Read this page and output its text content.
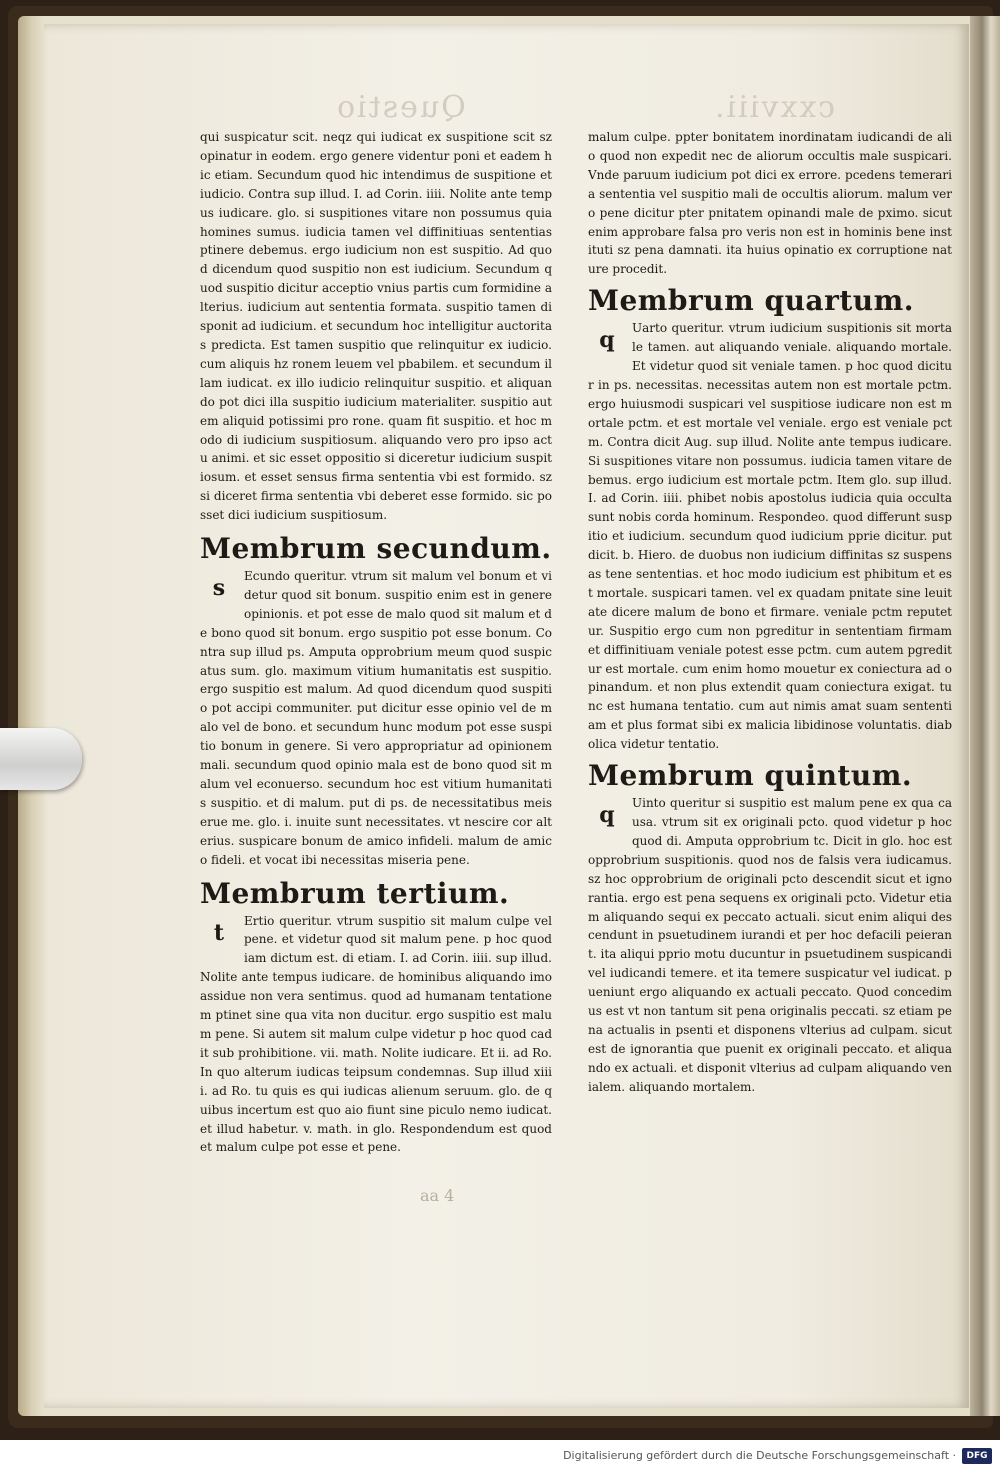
cxxviii.
Questio

qui suspicatur scit. neqz qui iudicat ex suspitione scit sz opinatur in eodem. ergo genere videntur poni et eadem hic etiam. Secundum quod hic intendimus de suspitione et iudicio. Contra sup illud. I. ad Corin. iiii. Nolite ante tempus iudicare. glo. si suspitiones vitare non possumus quia homines sumus. iudicia tamen vel diffinitiuas sententias ptinere debemus. ergo iudicium non est suspitio. Ad quod dicendum quod suspitio non est iudicium. Secundum quod suspitio dicitur acceptio vnius partis cum formidine alterius. iudicium aut sententia formata. suspitio tamen disponit ad iudicium. et secundum hoc intelligitur auctoritas predicta. Est tamen suspitio que relinquitur ex iudicio. cum aliquis hz ronem leuem vel pbabilem. et secundum illam iudicat. ex illo iudicio relinquitur suspitio. et aliquando pot dici illa suspitio iudicium materialiter. suspitio autem aliquid potissimi pro rone. quam fit suspitio. et hoc modo di iudicium suspitiosum. aliquando vero pro ipso actu animi. et sic esset oppositio si diceretur iudicium suspitiosum. et esset sensus firma sententia vbi est formido. sz si diceret firma sententia vbi deberet esse formido. sic posset dici iudicium suspitiosum.

Membrum secundum.

s	Ecundo queritur. vtrum sit malum vel bonum et videtur quod sit bonum. suspitio enim est in genere opinionis. et pot esse de malo quod sit malum et de bono quod sit bonum. ergo suspitio pot esse bonum. Contra sup illud ps. Amputa opprobrium meum quod suspicatus sum. glo. maximum vitium humanitatis est suspitio. ergo suspitio est malum. Ad quod dicendum quod suspitio pot accipi communiter. put dicitur esse opinio vel de malo vel de bono. et secundum hunc modum pot esse suspitio bonum in genere. Si vero appropriatur ad opinionem mali. secundum quod opinio mala est de bono quod sit malum vel econuerso. secundum hoc est vitium humanitatis suspitio. et di malum. put di ps. de necessitatibus meis erue me. glo. i. inuite sunt necessitates. vt nescire cor alterius. suspicare bonum de amico infideli. malum de amico fideli. et vocat ibi necessitas miseria pene.

Membrum tertium.

t	Ertio queritur. vtrum suspitio sit malum culpe vel pene. et videtur quod sit malum pene. p hoc quod iam dictum est. di etiam. I. ad Corin. iiii. sup illud. Nolite ante tempus iudicare. de hominibus aliquando imo assidue non vera sentimus. quod ad humanam tentationem ptinet sine qua vita non ducitur. ergo suspitio est malum pene. Si autem sit malum culpe videtur p hoc quod cadit sub prohibitione. vii. math. Nolite iudicare. Et ii. ad Ro. In quo alterum iudicas teipsum condemnas. Sup illud xiiii. ad Ro. tu quis es qui iudicas alienum seruum. glo. de quibus incertum est quo aio fiunt sine piculo nemo iudicat. et illud habetur. v. math. in glo. Respondendum est quod et malum culpe pot esse et pene.

malum culpe. ppter bonitatem inordinatam iudicandi de alio quod non expedit nec de aliorum occultis male suspicari. Vnde paruum iudicium pot dici ex errore. pcedens temeraria sententia vel suspitio mali de occultis aliorum. malum vero pene dicitur pter pnitatem opinandi male de pximo. sicut enim approbare falsa pro veris non est in hominis bene instituti sz pena damnati. ita huius opinatio ex corruptione nature procedit.

Membrum quartum.

q	Uarto queritur. vtrum iudicium suspitionis sit mortale tamen. aut aliquando veniale. aliquando mortale. Et videtur quod sit veniale tamen. p hoc quod dicitur in ps. necessitas. necessitas autem non est mortale pctm. ergo huiusmodi suspicari vel suspitiose iudicare non est mortale pctm. et est mortale vel veniale. ergo est veniale pctm. Contra dicit Aug. sup illud. Nolite ante tempus iudicare. Si suspitiones vitare non possumus. iudicia tamen vitare debemus. ergo iudicium est mortale pctm. Item glo. sup illud. I. ad Corin. iiii. phibet nobis apostolus iudicia quia occulta sunt nobis corda hominum. Respondeo. quod differunt suspitio et iudicium. secundum quod iudicium pprie dicitur. put dicit. b. Hiero. de duobus non iudicium diffinitas sz suspensas tene sententias. et hoc modo iudicium est phibitum et est mortale. suspicari tamen. vel ex quadam pnitate sine leuitate dicere malum de bono et firmare. veniale pctm reputetur. Suspitio ergo cum non pgreditur in sententiam firmam et diffinitiuam veniale potest esse pctm. cum autem pgreditur est mortale. cum enim homo mouetur ex coniectura ad opinandum. et non plus extendit quam coniectura exigat. tunc est humana tentatio. cum aut nimis amat suam sententiam et plus format sibi ex malicia libidinose voluntatis. diabolica videtur tentatio.

Membrum quintum.

q	Uinto queritur si suspitio est malum pene ex qua causa. vtrum sit ex originali pcto. quod videtur p hoc quod di. Amputa opprobrium tc. Dicit in glo. hoc est opprobrium suspitionis. quod nos de falsis vera iudicamus. sz hoc opprobrium de originali pcto descendit sicut et ignorantia. ergo est pena sequens ex originali pcto. Videtur etiam aliquando sequi ex peccato actuali. sicut enim aliqui descendunt in psuetudinem iurandi et per hoc defacili peierant. ita aliqui pprio motu ducuntur in psuetudinem suspicandi vel iudicandi temere. et ita temere suspicatur vel iudicat. pueniunt ergo aliquando ex actuali peccato. Quod concedimus est vt non tantum sit pena originalis peccati. sz etiam pena actualis in psenti et disponens vlterius ad culpam. sicut est de ignorantia que puenit ex originali peccato. et aliquando ex actuali. et disponit vlterius ad culpam aliquando venialem. aliquando mortalem.

aa 4
Digitalisierung gefördert durch die Deutsche Forschungsgemeinschaft ·	DFG
